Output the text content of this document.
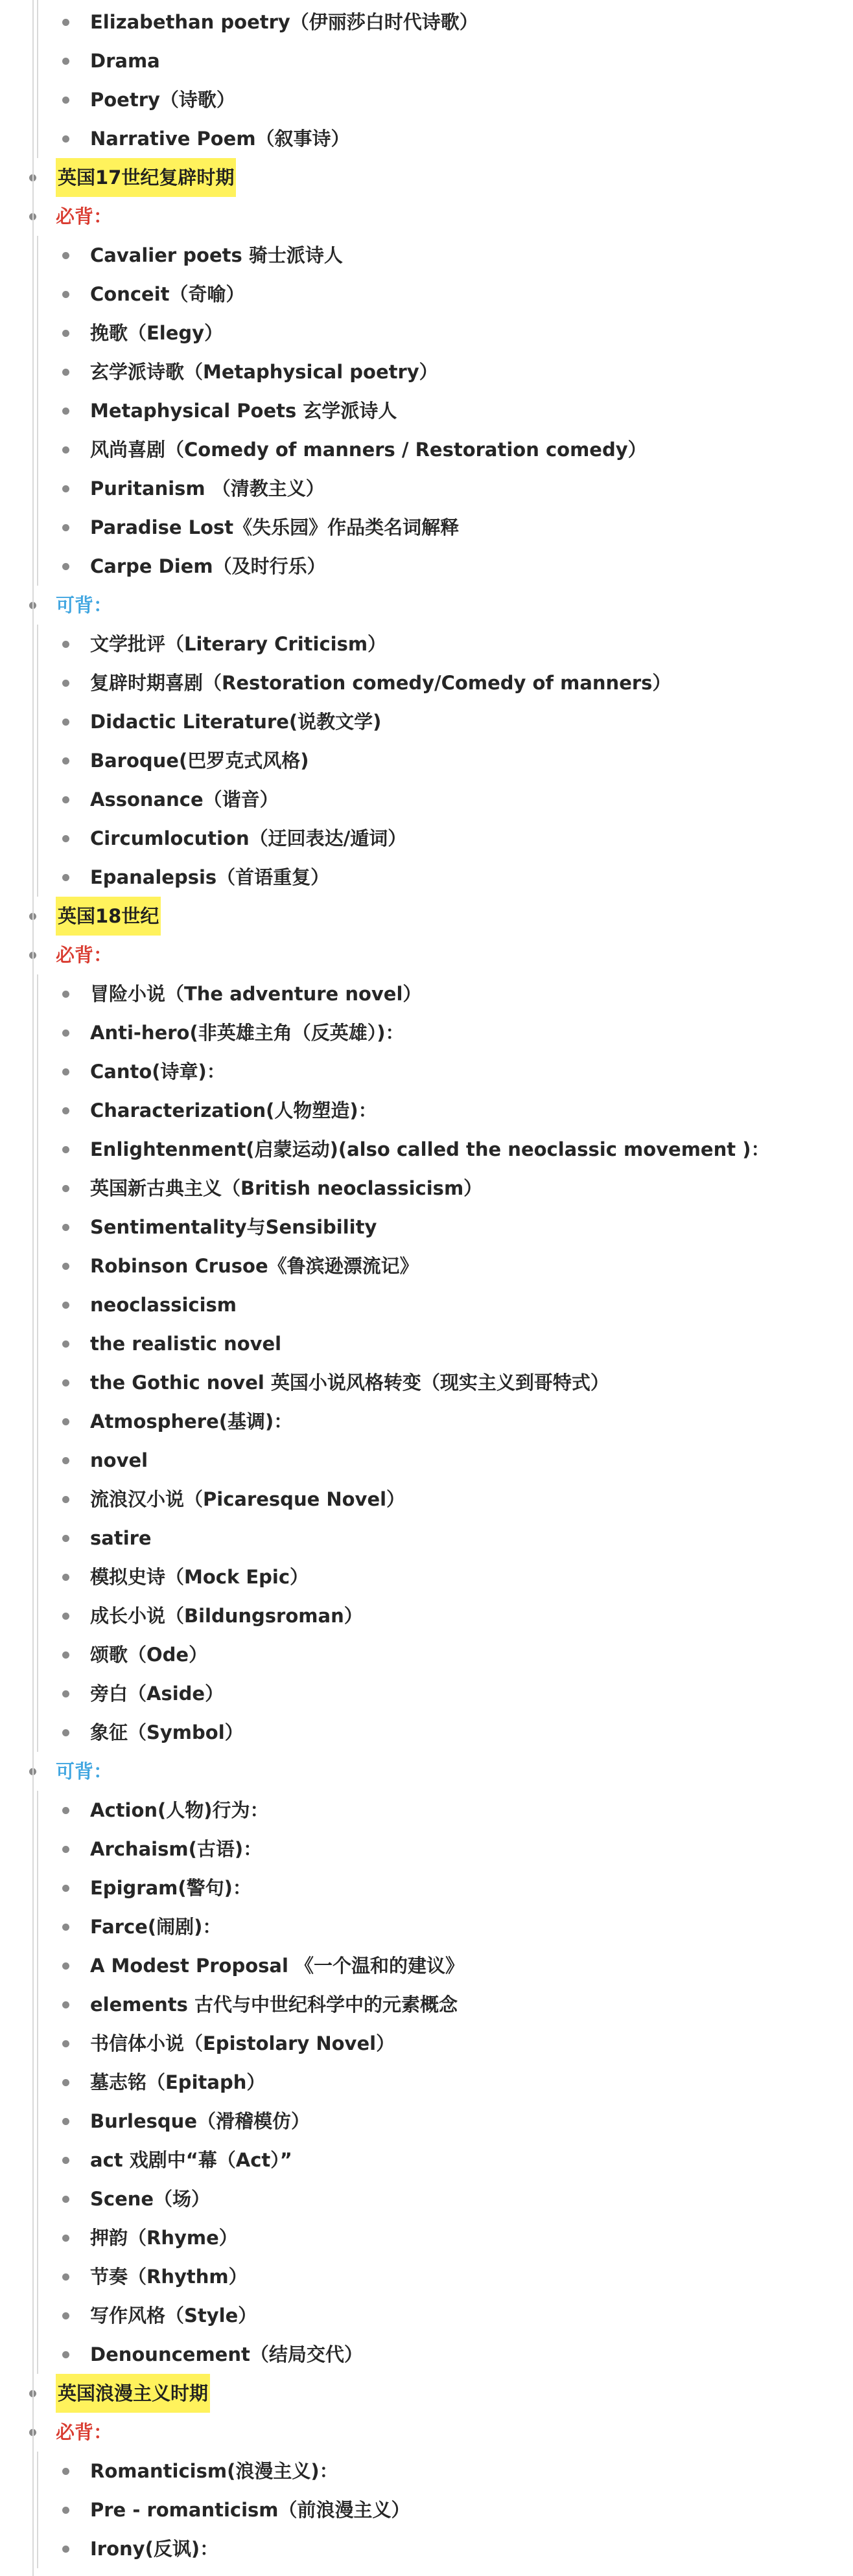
Elizabethan poetry（伊丽莎白时代诗歌）
Drama
Poetry（诗歌）
Narrative Poem（叙事诗）
英国17世纪复辟时期
必背：
Cavalier poets 骑士派诗人
Conceit（奇喻）
挽歌（Elegy）
玄学派诗歌（Metaphysical poetry）
Metaphysical Poets 玄学派诗人
风尚喜剧（Comedy of manners / Restoration comedy）
Puritanism （清教主义）
Paradise Lost《失乐园》作品类名词解释
Carpe Diem（及时行乐）
可背：
文学批评（Literary Criticism）
复辟时期喜剧（Restoration comedy/Comedy of manners）
Didactic Literature(说教文学)
Baroque(巴罗克式风格)
Assonance（谐音）
Circumlocution（迂回表达/遁词）
Epanalepsis（首语重复）
英国18世纪
必背：
冒险小说（The adventure novel）
Anti-hero(非英雄主角（反英雄）)：
Canto(诗章)：
Characterization(人物塑造)：
Enlightenment(启蒙运动)(also called the neoclassic movement )：
英国新古典主义（British neoclassicism）
Sentimentality与Sensibility
Robinson Crusoe《鲁滨逊漂流记》
neoclassicism
the realistic novel
the Gothic novel 英国小说风格转变（现实主义到哥特式）
Atmosphere(基调)：
novel
流浪汉小说（Picaresque Novel）
satire
模拟史诗（Mock Epic）
成长小说（Bildungsroman）
颂歌（Ode）
旁白（Aside）
象征（Symbol）
可背：
Action(人物)行为：
Archaism(古语)：
Epigram(警句)：
Farce(闹剧)：
A Modest Proposal 《一个温和的建议》
elements 古代与中世纪科学中的元素概念
书信体小说（Epistolary Novel）
墓志铭（Epitaph）
Burlesque（滑稽模仿）
act 戏剧中“幕（Act）”
Scene（场）
押韵（Rhyme）
节奏（Rhythm）
写作风格（Style）
Denouncement（结局交代）
英国浪漫主义时期
必背：
Romanticism(浪漫主义)：
Pre - romanticism（前浪漫主义）
Irony(反讽)：
